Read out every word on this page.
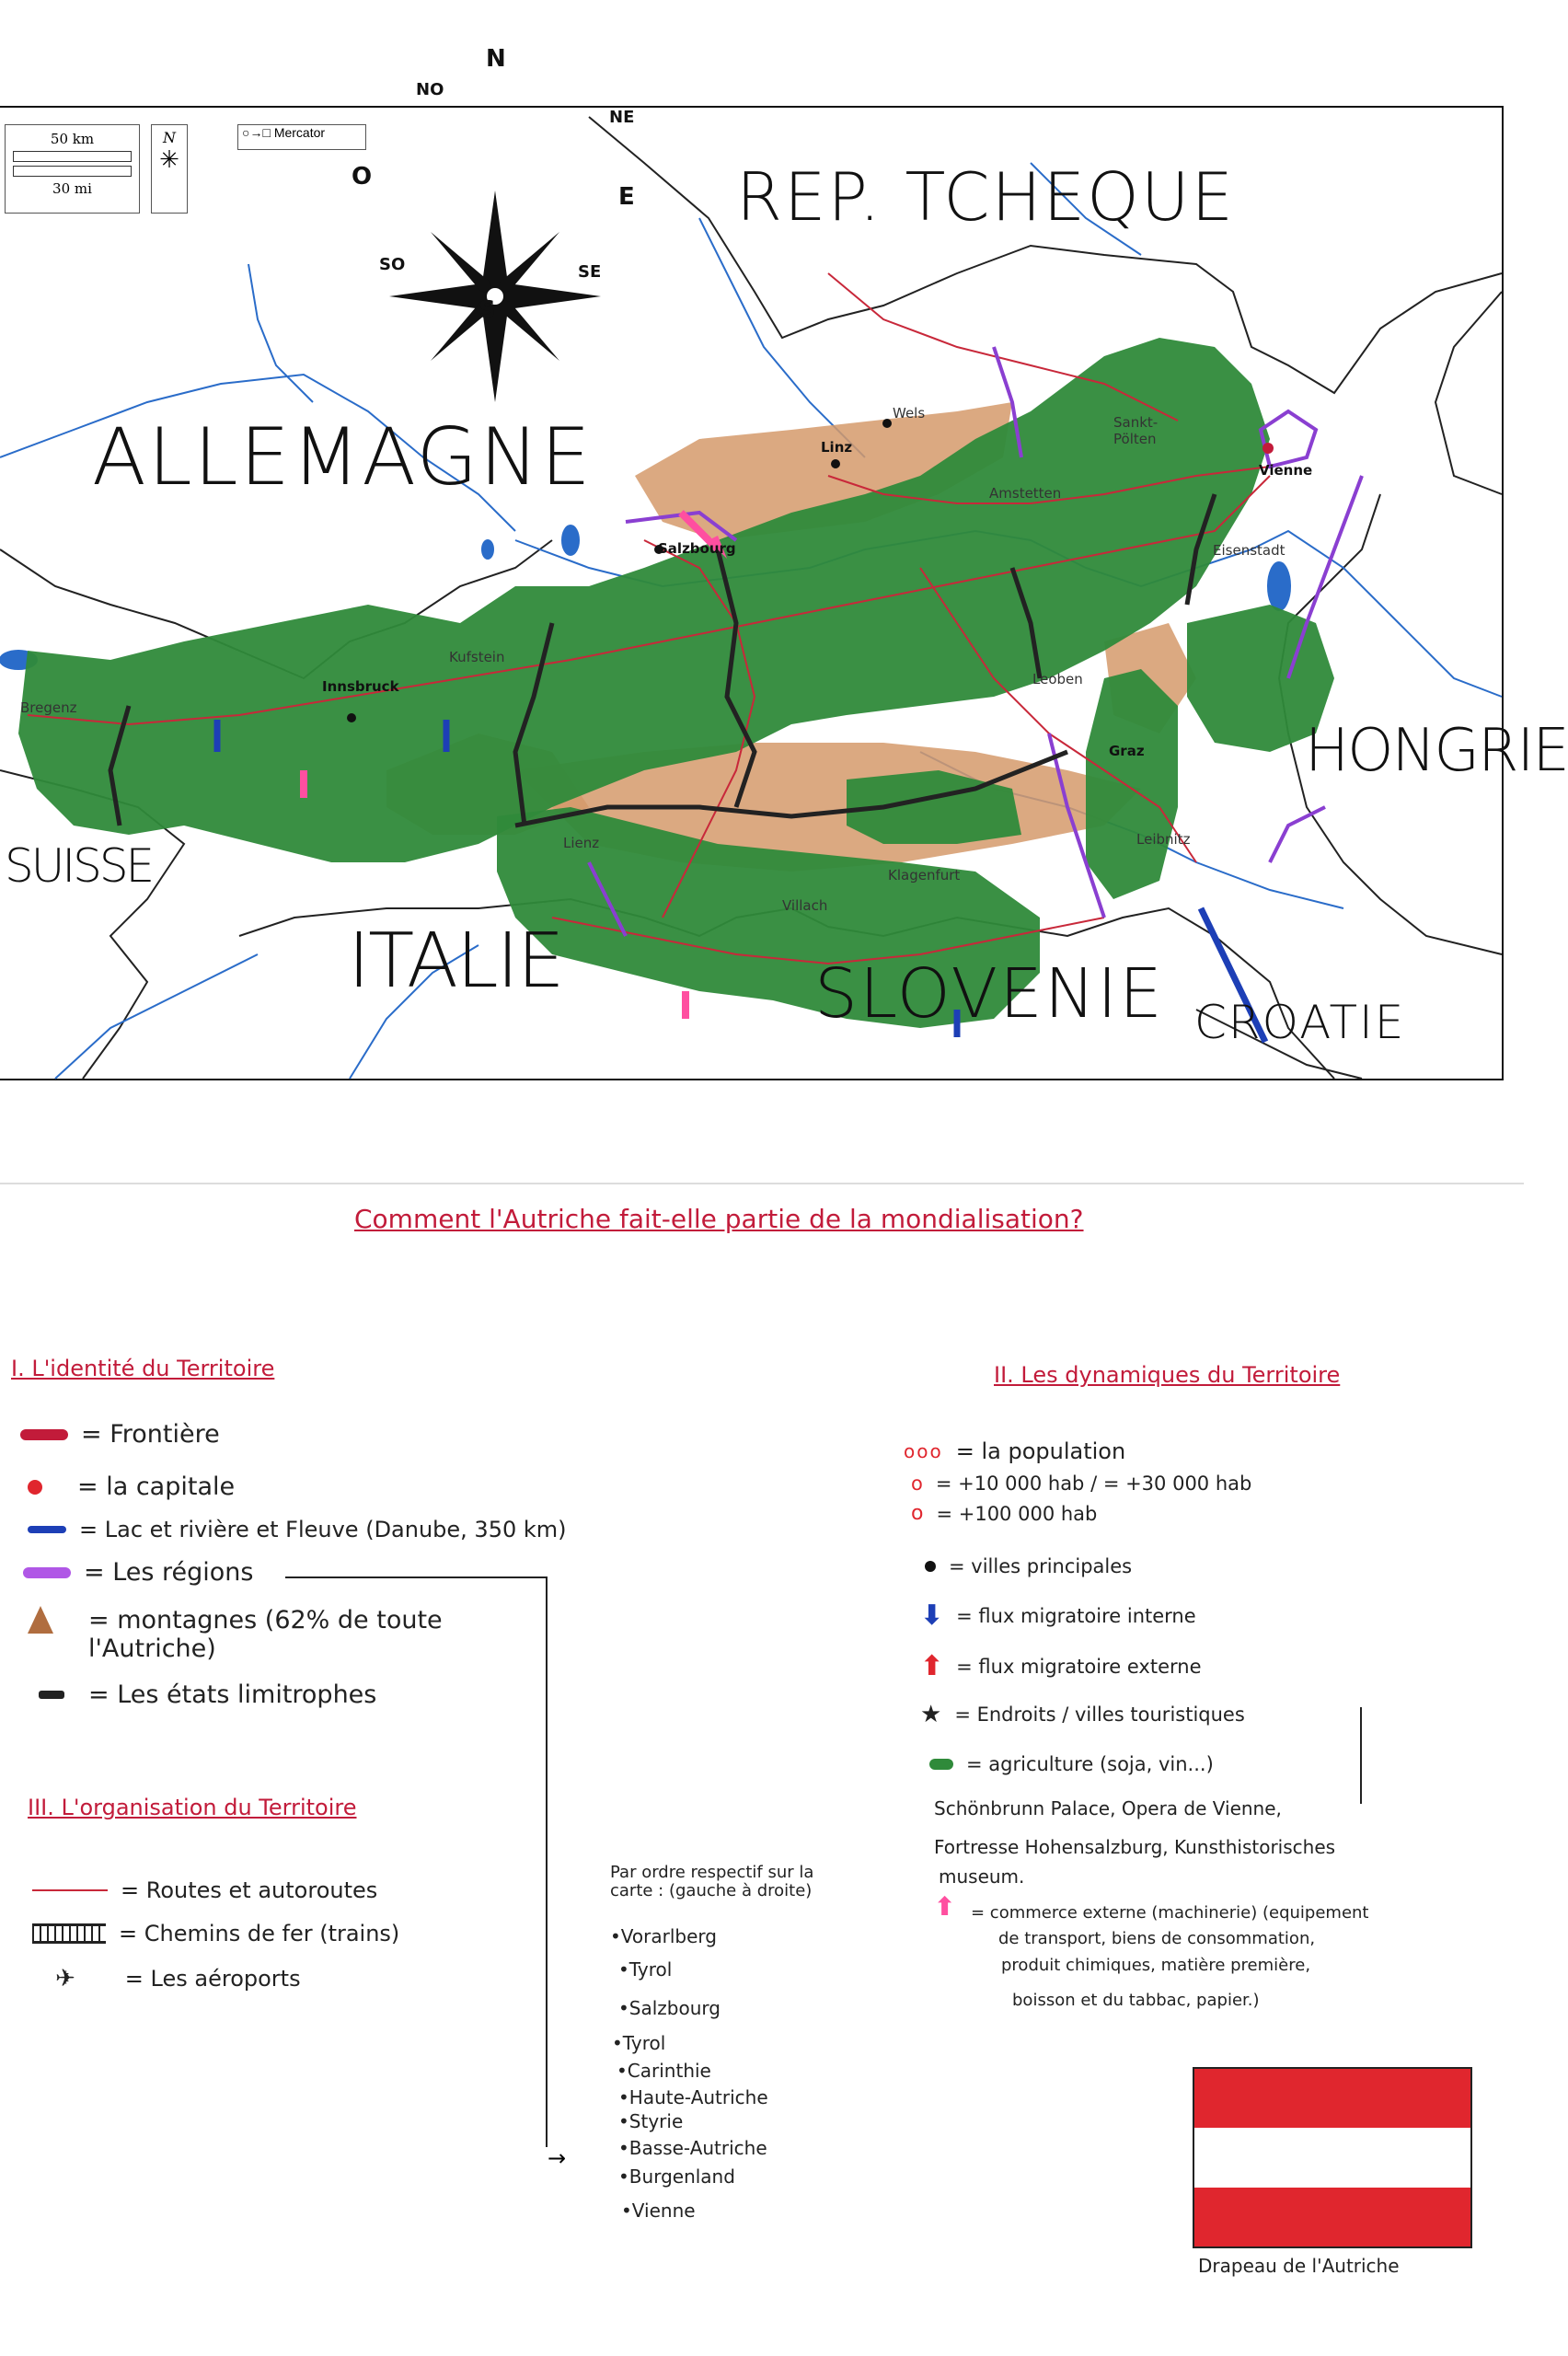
ALLEMAGNE
REP. TCHEQUE
HONGRIE
SUISSE
ITALIE	SLOVENIE CROATIE
Bregenz
Innsbruck
Kufstein
Salzbourg
Linz
Wels
Sankt-Pölten
Vienne
Amstetten
Eisenstadt
Leoben
Graz
Leibnitz
Klagenfurt
Villach
Lienz
N
S
E
O
NO
NE
SO	SE
50 km
30 mi
N
✳
○→□ Mercator
Comment l'Autriche fait-elle partie de la mondialisation?
I. L'identité du Territoire
= Frontière
= la capitale
= Lac et rivière et Fleuve (Danube, 350 km)
= Les régions
→
= montagnes (62% de toute l'Autriche)
= Les états limitrophes
III. L'organisation du Territoire
= Routes et autoroutes
= Chemins de fer (trains)
✈ = Les aéroports
Par ordre respectif sur la carte : (gauche à droite)
•Vorarlberg
•Tyrol
•Salzbourg
•Tyrol
•Carinthie
•Haute-Autriche
•Styrie
•Basse-Autriche
•Burgenland
•Vienne
II. Les dynamiques du Territoire
ooo = la population
o = +10 000 hab / = +30 000 hab
o = +100 000 hab
= villes principales
⬇ = flux migratoire interne
⬆ = flux migratoire externe
★ = Endroits / villes touristiques
= agriculture (soja, vin...)
Schönbrunn Palace, Opera de Vienne,
Fortresse Hohensalzburg, Kunsthistorisches
museum.
⬆ = commerce externe (machinerie) (equipement
de transport, biens de consommation,
produit chimiques, matière première,
boisson et du tabbac, papier.)
Drapeau de l'Autriche
